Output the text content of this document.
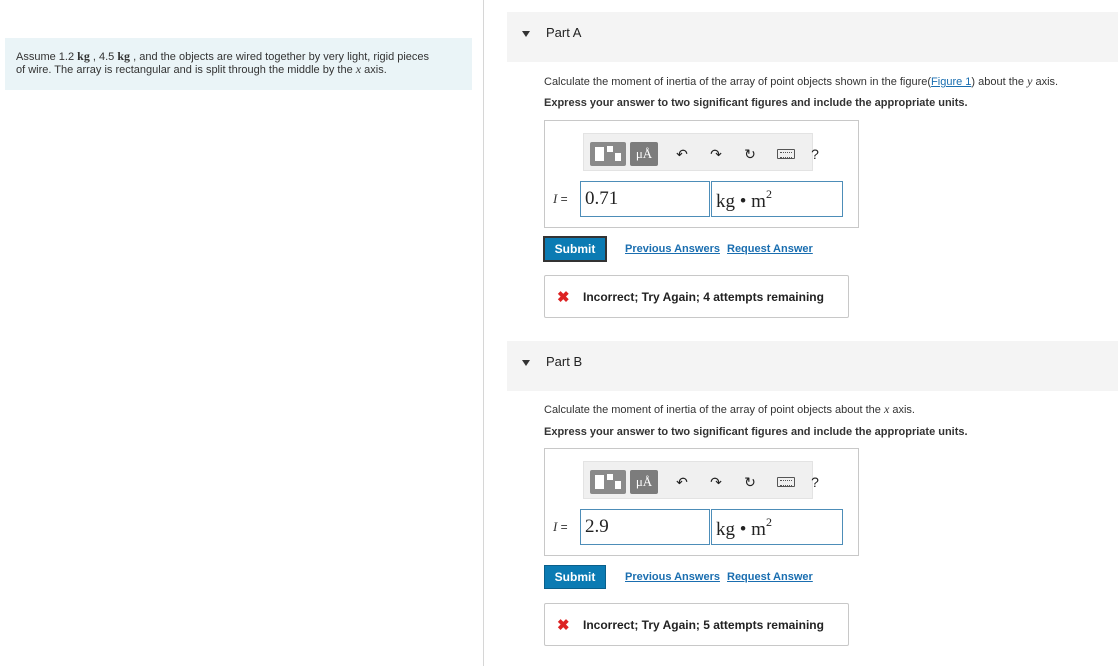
Assume 1.2 kg , 4.5 kg , and the objects are wired together by very light, rigid pieces
of wire. The array is rectangular and is split through the middle by the x axis.
Part A
Calculate the moment of inertia of the array of point objects shown in the figure(Figure 1) about the y axis.
Express your answer to two significant figures and include the appropriate units.
μÅ	↶ ↷ ↻	?
I = 0.71	kg • $m^2$
Submit	Previous Answers Request Answer
✖ Incorrect; Try Again; 4 attempts remaining
Part B
Calculate the moment of inertia of the array of point objects about the x axis.
Express your answer to two significant figures and include the appropriate units.
μÅ	↶ ↷ ↻	?
I = 2.9	kg • $m^2$
Submit	Previous Answers Request Answer
✖ Incorrect; Try Again; 5 attempts remaining
